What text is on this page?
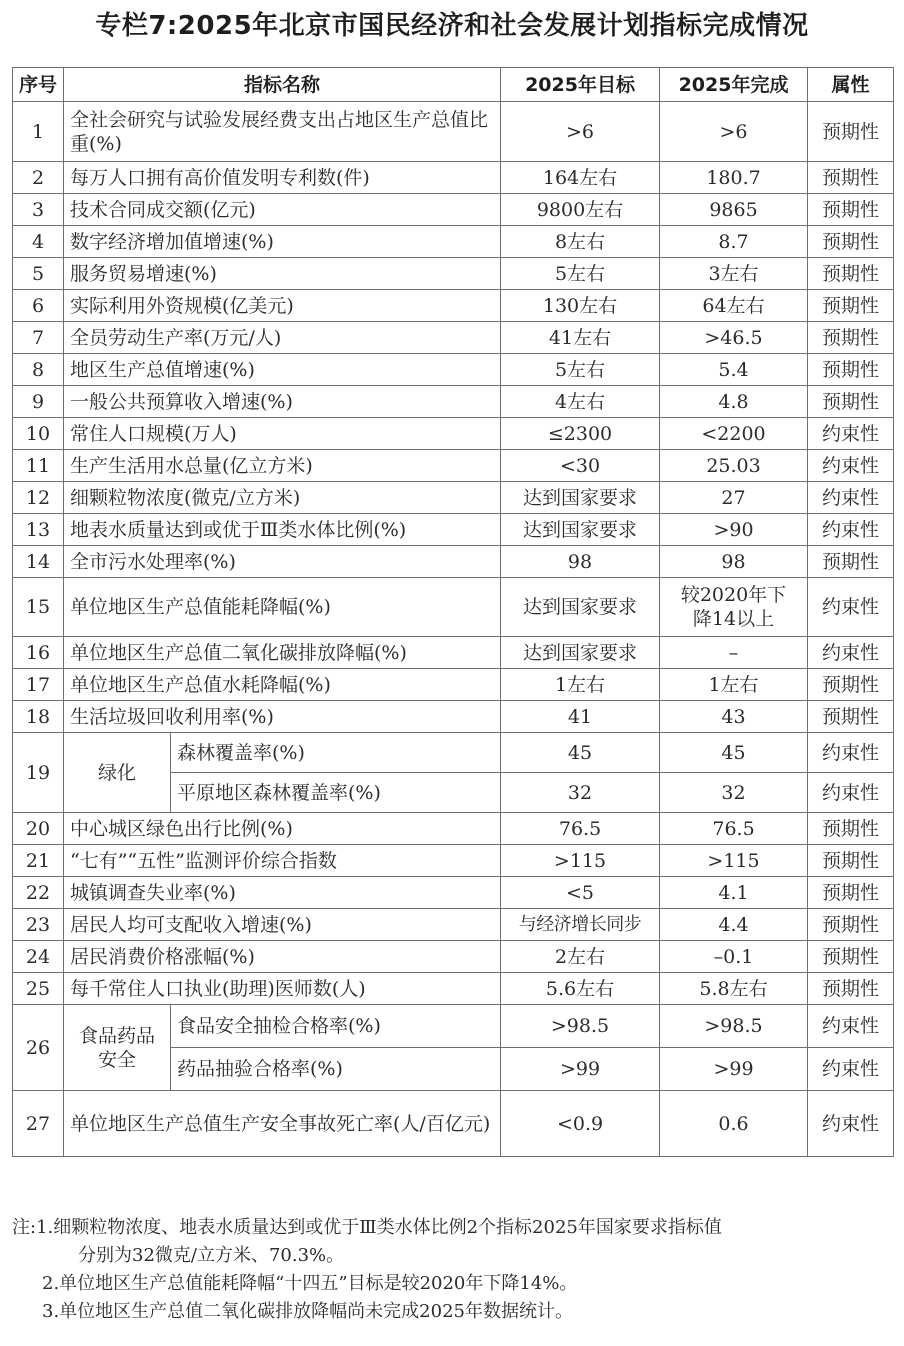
专栏7:2025年北京市国民经济和社会发展计划指标完成情况
序号	指标名称		2025年目标	2025年完成	属性
1	全社会研究与试验发展经费支出占地区生产总值比重(%)		>6	>6	预期性
2	每万人口拥有高价值发明专利数(件)		164左右	180.7	预期性
3	技术合同成交额(亿元)		9800左右	9865	预期性
4	数字经济增加值增速(%)		8左右	8.7	预期性
5	服务贸易增速(%)		5左右	3左右	预期性
6	实际利用外资规模(亿美元)		130左右	64左右	预期性
7	全员劳动生产率(万元/人)		41左右	>46.5	预期性
8	地区生产总值增速(%)		5左右	5.4	预期性
9	一般公共预算收入增速(%)		4左右	4.8	预期性
10	常住人口规模(万人)		≤2300	<2200	约束性
11	生产生活用水总量(亿立方米)		<30	25.03	约束性
12	细颗粒物浓度(微克/立方米)		达到国家要求	27	约束性
13	地表水质量达到或优于Ⅲ类水体比例(%)		达到国家要求	>90	约束性
14	全市污水处理率(%)		98	98	预期性
15	单位地区生产总值能耗降幅(%)		达到国家要求	较2020年下降14以上	约束性
16	单位地区生产总值二氧化碳排放降幅(%)		达到国家要求	–	约束性
17	单位地区生产总值水耗降幅(%)		1左右	1左右	预期性
18	生活垃圾回收利用率(%)		41	43	预期性
19	绿化	森林覆盖率(%)	45	45	约束性
		平原地区森林覆盖率(%)	32	32	约束性
20	中心城区绿色出行比例(%)		76.5	76.5	预期性
21	“七有”“五性”监测评价综合指数		>115	>115	预期性
22	城镇调查失业率(%)		<5	4.1	预期性
23	居民人均可支配收入增速(%)		与经济增长同步	4.4	预期性
24	居民消费价格涨幅(%)		2左右	–0.1	预期性
25	每千常住人口执业(助理)医师数(人)		5.6左右	5.8左右	预期性
26	食品药品安全	食品安全抽检合格率(%)	>98.5	>98.5	约束性
		药品抽验合格率(%)	>99	>99	约束性
27	单位地区生产总值生产安全事故死亡率(人/百亿元)		<0.9	0.6	约束性
注:1.细颗粒物浓度、地表水质量达到或优于Ⅲ类水体比例2个指标2025年国家要求指标值
分别为32微克/立方米、70.3%。
2.单位地区生产总值能耗降幅“十四五”目标是较2020年下降14%。
3.单位地区生产总值二氧化碳排放降幅尚未完成2025年数据统计。
